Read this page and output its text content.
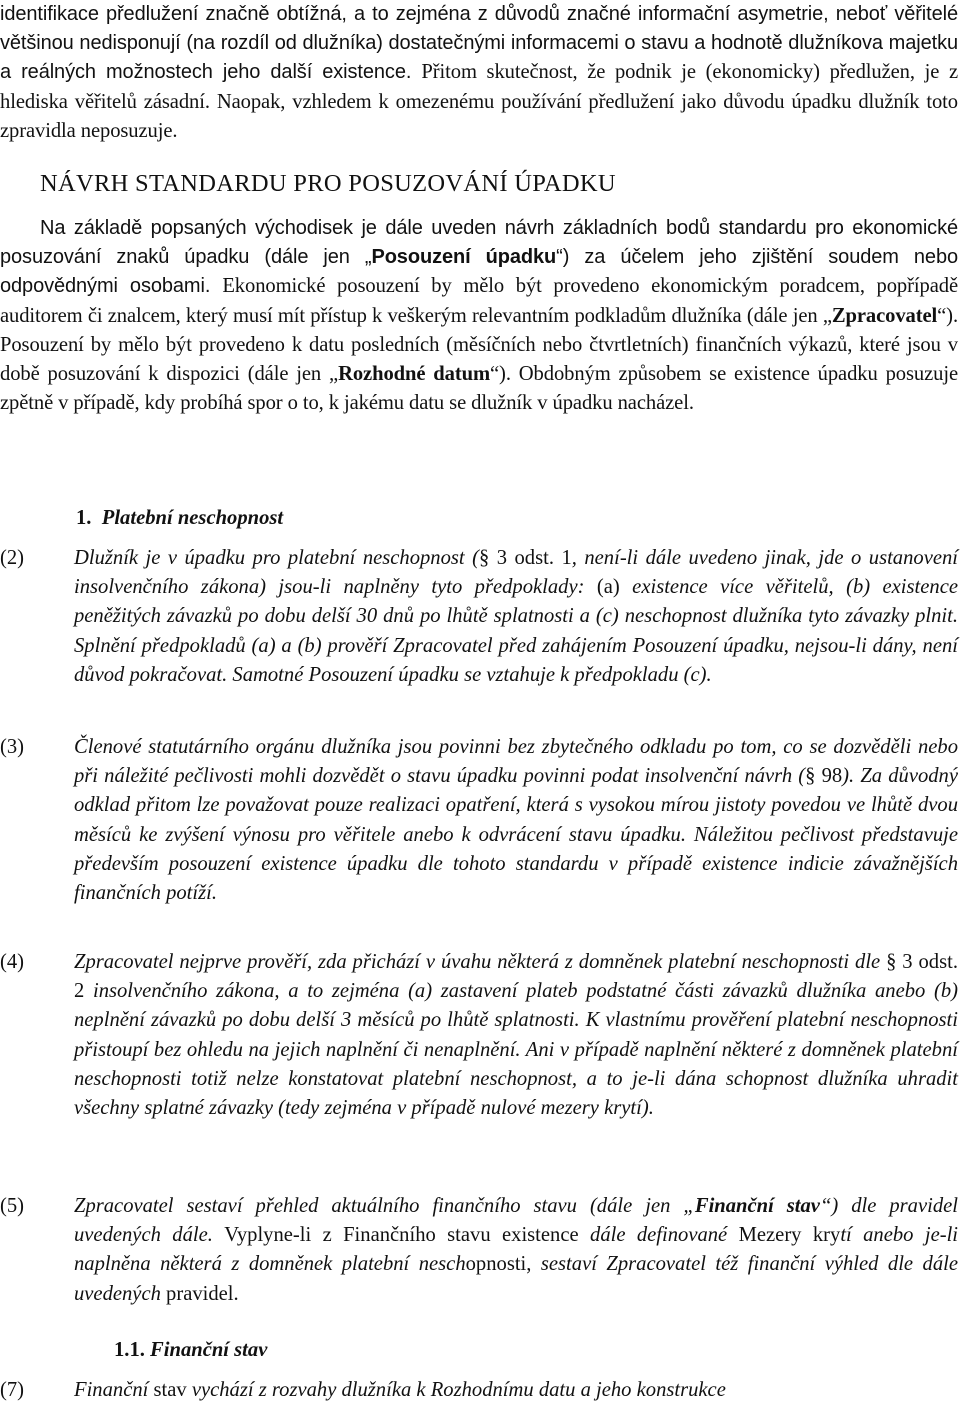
identifikace předlužení značně obtížná, a to zejména z důvodů značné informační asymetrie, neboť věřitelé většinou nedisponují (na rozdíl od dlužníka) dostatečnými informacemi o stavu a hodnotě dlužníkova majetku a reálných možnostech jeho další existence. Přitom skutečnost, že podnik je (ekonomicky) předlužen, je z hlediska věřitelů zásadní. Naopak, vzhledem k omezenému používání předlužení jako důvodu úpadku dlužník toto zpravidla neposuzuje.

NÁVRH STANDARDU PRO POSUZOVÁNÍ ÚPADKU

Na základě popsaných východisek je dále uveden návrh základních bodů standardu pro ekonomické posuzování znaků úpadku (dále jen „Posouzení úpadku“) za účelem jeho zjištění soudem nebo odpovědnými osobami. Ekonomické posouzení by mělo být provedeno ekonomickým poradcem, popřípadě auditorem či znalcem, který musí mít přístup k veškerým relevantním podkladům dlužníka (dále jen „Zpracovatel“). Posouzení by mělo být provedeno k datu posledních (měsíčních nebo čtvrtletních) finančních výkazů, které jsou v době posuzování k dispozici (dále jen „Rozhodné datum“). Obdobným způsobem se existence úpadku posuzuje zpětně v případě, kdy probíhá spor o to, k jakému datu se dlužník v úpadku nacházel.

1. Platební neschopnost
(2) Dlužník je v úpadku pro platební neschopnost (§ 3 odst. 1, není-li dále uvedeno jinak, jde o ustanovení insolvenčního zákona) jsou-li naplněny tyto předpoklady: (a) existence více věřitelů, (b) existence peněžitých závazků po dobu delší 30 dnů po lhůtě splatnosti a (c) neschopnost dlužníka tyto závazky plnit. Splnění předpokladů (a) a (b) prověří Zpracovatel před zahájením Posouzení úpadku, nejsou-li dány, není důvod pokračovat. Samotné Posouzení úpadku se vztahuje k předpokladu (c).
(3) Členové statutárního orgánu dlužníka jsou povinni bez zbytečného odkladu po tom, co se dozvěděli nebo při náležité pečlivosti mohli dozvědět o stavu úpadku povinni podat insolvenční návrh (§ 98). Za důvodný odklad přitom lze považovat pouze realizaci opatření, která s vysokou mírou jistoty povedou ve lhůtě dvou měsíců ke zvýšení výnosu pro věřitele anebo k odvrácení stavu úpadku. Náležitou pečlivost představuje především posouzení existence úpadku dle tohoto standardu v případě existence indicie závažnějších finančních potíží.
(4) Zpracovatel nejprve prověří, zda přichází v úvahu některá z domněnek platební neschopnosti dle § 3 odst. 2 insolvenčního zákona, a to zejména (a) zastavení plateb podstatné části závazků dlužníka anebo (b) neplnění závazků po dobu delší 3 měsíců po lhůtě splatnosti. K vlastnímu prověření platební neschopnosti přistoupí bez ohledu na jejich naplnění či nenaplnění. Ani v případě naplnění některé z domněnek platební neschopnosti totiž nelze konstatovat platební neschopnost, a to je-li dána schopnost dlužníka uhradit všechny splatné závazky (tedy zejména v případě nulové mezery krytí).
(5) Zpracovatel sestaví přehled aktuálního finančního stavu (dále jen „Finanční stav“) dle pravidel uvedených dále. Vyplyne-li z Finančního stavu existence dále definované Mezery krytí anebo je-li naplněna některá z domněnek platební neschopnosti, sestaví Zpracovatel též finanční výhled dle dále uvedených pravidel.
1.1. Finanční stav
(7) Finanční stav vychází z rozvahy dlužníka k Rozhodnímu datu a jeho konstrukce
